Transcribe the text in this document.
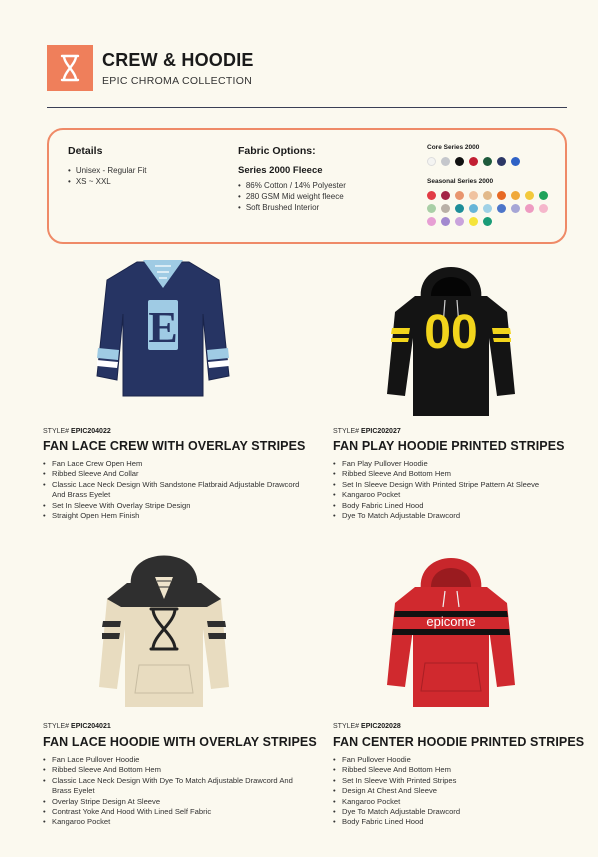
CREW & HOODIE
EPIC CHROMA COLLECTION
Details
• Unisex - Regular Fit
• XS ~ XXL
Fabric Options:
Series 2000 Fleece
• 86% Cotton / 14% Polyester
• 280 GSM Mid weight fleece
• Soft Brushed Interior
Core Series 2000
Seasonal Series 2000
E
STYLE# EPIC204022
FAN LACE CREW WITH OVERLAY STRIPES
• Fan Lace Crew Open Hem
• Ribbed Sleeve And Collar
• Classic Lace Neck Design With Sandstone Flatbraid Adjustable Drawcord And Brass Eyelet
• Set In Sleeve With Overlay Stripe Design
• Straight Open Hem Finish
00
STYLE# EPIC202027
FAN PLAY HOODIE PRINTED STRIPES
• Fan Play Pullover Hoodie
• Ribbed Sleeve And Bottom Hem
• Set In Sleeve Design With Printed Stripe Pattern At Sleeve
• Kangaroo Pocket
• Body Fabric Lined Hood
• Dye To Match Adjustable Drawcord
STYLE# EPIC204021
FAN LACE HOODIE WITH OVERLAY STRIPES
• Fan Lace Pullover Hoodie
• Ribbed Sleeve And Bottom Hem
• Classic Lace Neck Design With Dye To Match Adjustable Drawcord And Brass Eyelet
• Overlay Stripe Design At Sleeve
• Contrast Yoke And Hood With Lined Self Fabric
• Kangaroo Pocket
epicome
STYLE# EPIC202028
FAN CENTER HOODIE PRINTED STRIPES
• Fan Pullover Hoodie
• Ribbed Sleeve And Bottom Hem
• Set In Sleeve With Printed Stripes
• Design At Chest And Sleeve
• Kangaroo Pocket
• Dye To Match Adjustable Drawcord
• Body Fabric Lined Hood
